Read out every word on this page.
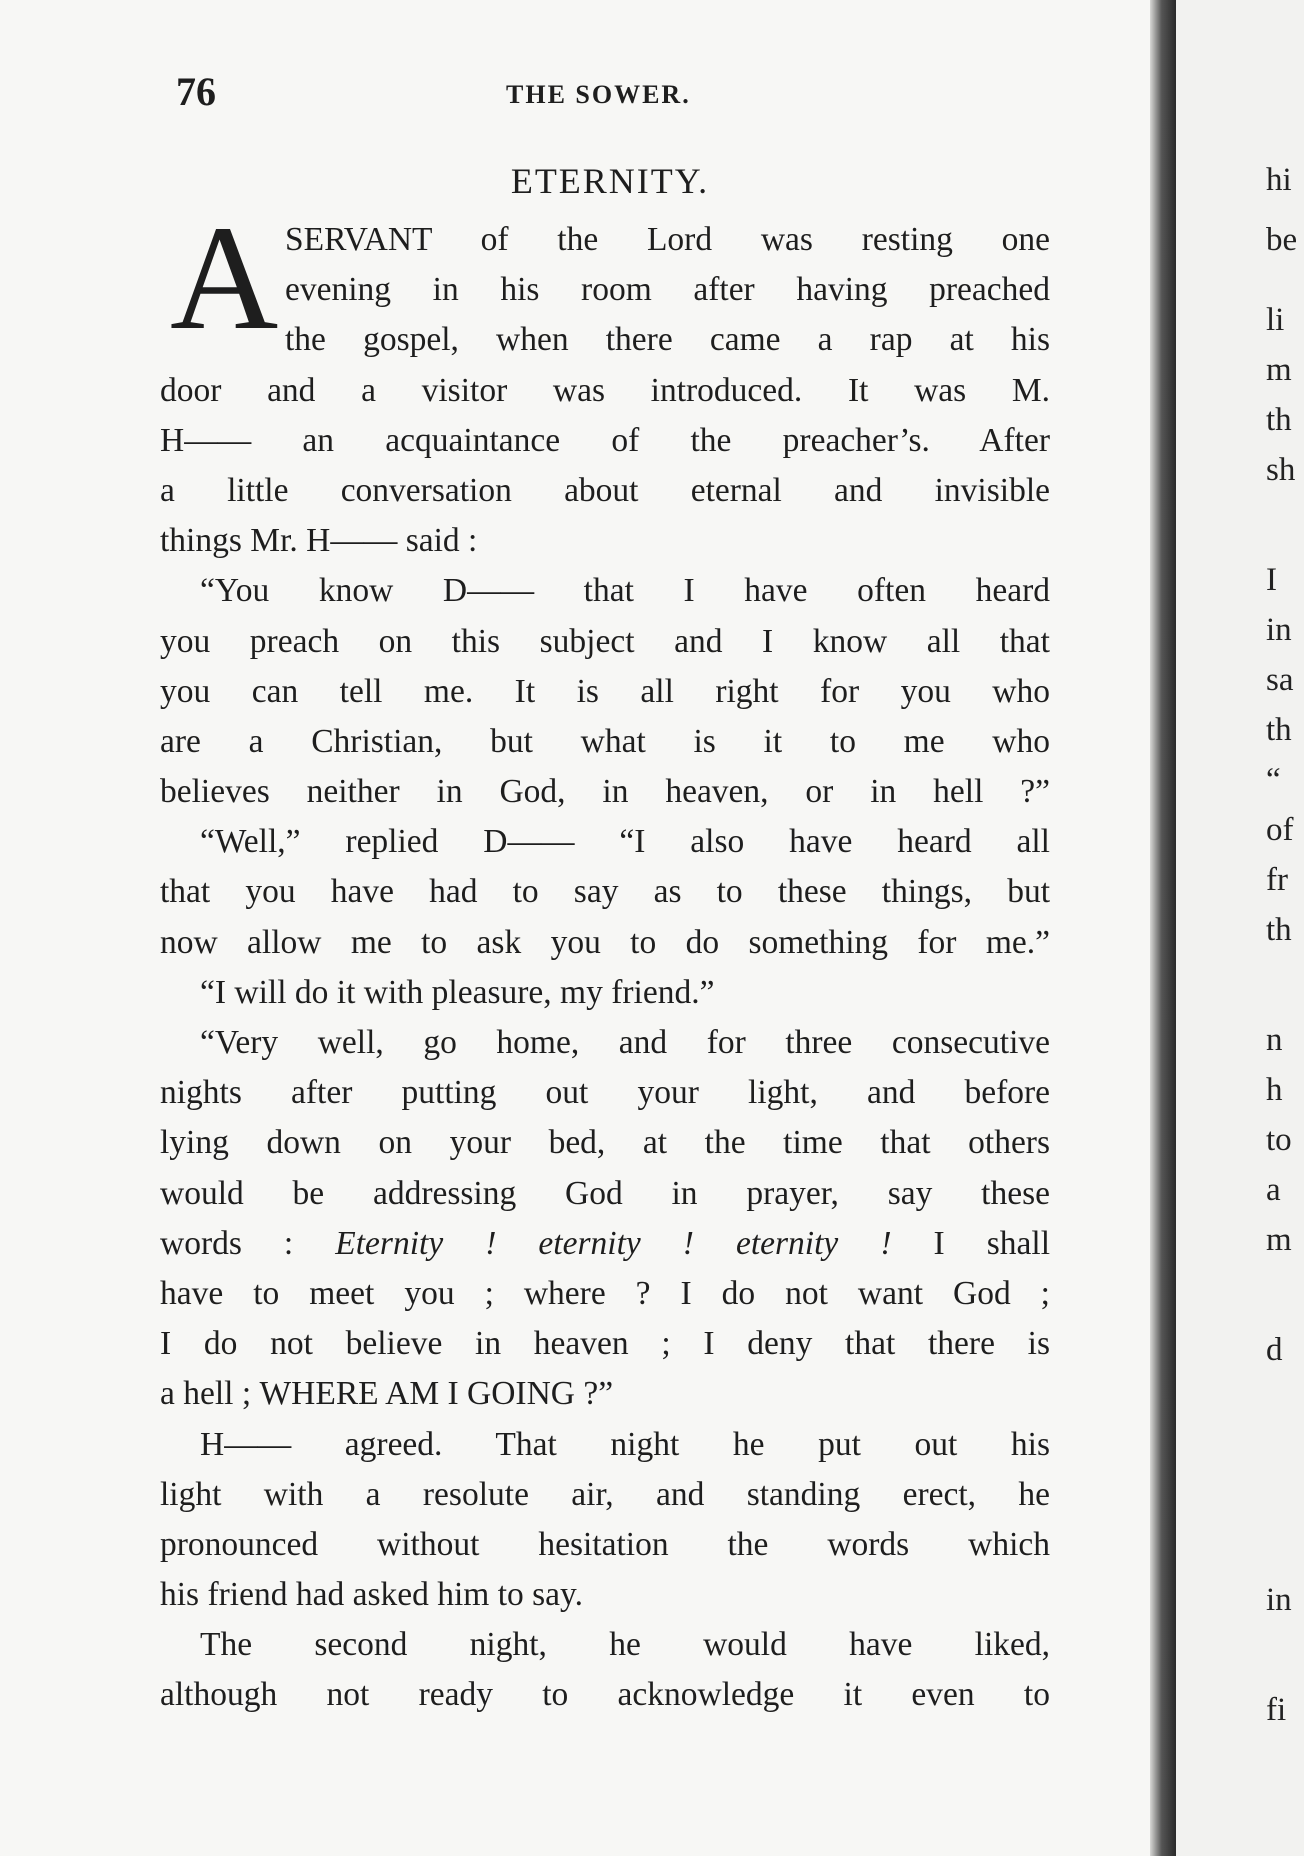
76	THE SOWER.
ETERNITY.
A SERVANT of the Lord was resting one
evening in his room after having preached
the gospel, when there came a rap at his
door and a visitor was introduced. It was M.
H—— an acquaintance of the preacher’s. After
a little conversation about eternal and invisible
things Mr. H—— said :
“You know D—— that I have often heard
you preach on this subject and I know all that
you can tell me. It is all right for you who
are a Christian, but what is it to me who
believes neither in God, in heaven, or in hell ?”
“Well,” replied D—— “I also have heard all
that you have had to say as to these things, but
now allow me to ask you to do something for me.”
“I will do it with pleasure, my friend.”
“Very well, go home, and for three consecutive
nights after putting out your light, and before
lying down on your bed, at the time that others
would be addressing God in prayer, say these
words : Eternity ! eternity ! eternity ! I shall
have to meet you ; where ? I do not want God ;
I do not believe in heaven ; I deny that there is
a hell ; WHERE AM I GOING ?”
H—— agreed. That night he put out his
light with a resolute air, and standing erect, he
pronounced without hesitation the words which
his friend had asked him to say.
The second night, he would have liked,
although not ready to acknowledge it even to
hi
be
li
m
th
sh
I
in
sa
th
“
of
fr
th
n
h
to
a
m
d
in
fi
